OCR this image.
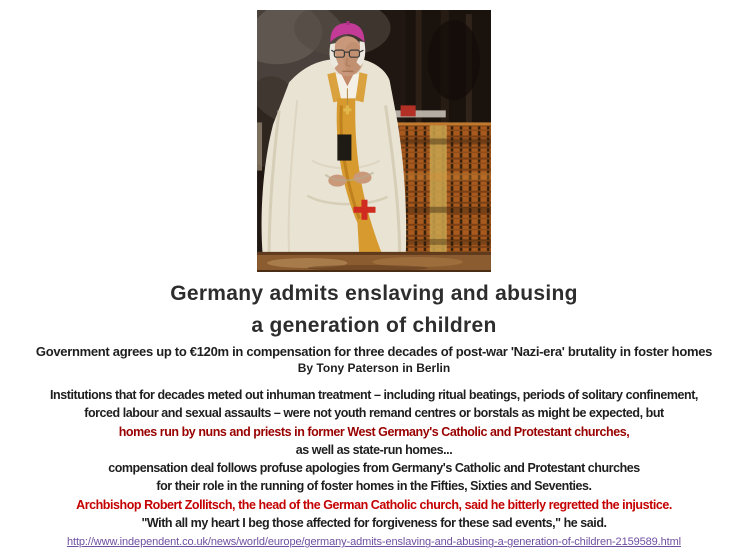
Germany admits enslaving and abusing
a generation of children
Government agrees up to €120m in compensation for three decades of post-war 'Nazi-era' brutality in foster homes
By Tony Paterson in Berlin
Institutions that for decades meted out inhuman treatment – including ritual beatings, periods of solitary confinement,
forced labour and sexual assaults – were not youth remand centres or borstals as might be expected, but
homes run by nuns and priests in former West Germany's Catholic and Protestant churches,
as well as state-run homes...
compensation deal follows profuse apologies from Germany's Catholic and Protestant churches
for their role in the running of foster homes in the Fifties, Sixties and Seventies.
Archbishop Robert Zollitsch, the head of the German Catholic church, said he bitterly regretted the injustice.
"With all my heart I beg those affected for forgiveness for these sad events," he said.
http://www.independent.co.uk/news/world/europe/germany-admits-enslaving-and-abusing-a-generation-of-children-2159589.html
